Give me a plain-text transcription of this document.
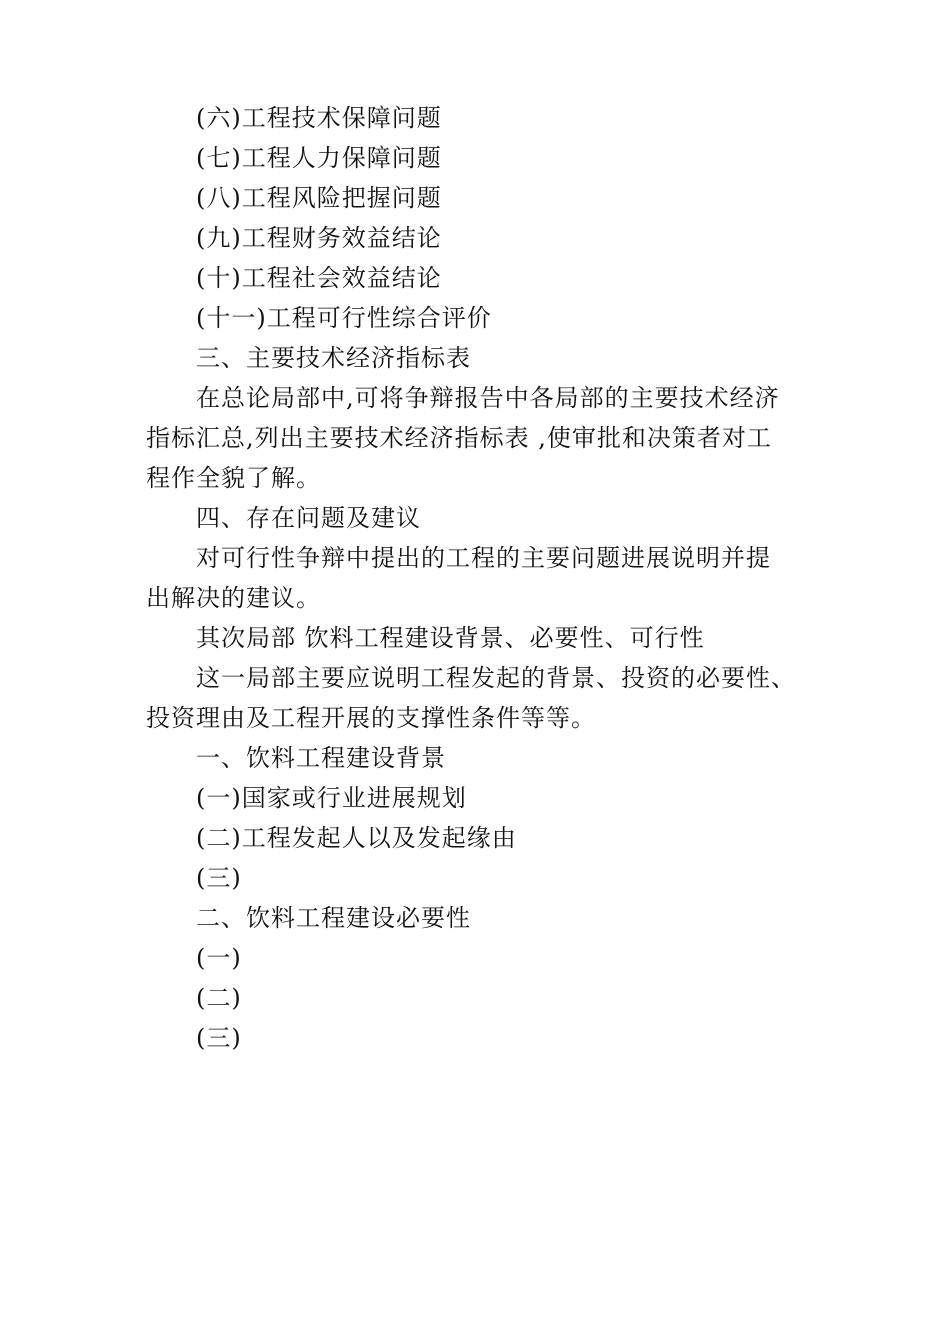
(六)工程技术保障问题
(七)工程人力保障问题
(八)工程风险把握问题
(九)工程财务效益结论
(十)工程社会效益结论
(十一)工程可行性综合评价
三、主要技术经济指标表
在总论局部中,可将争辩报告中各局部的主要技术经济
指标汇总,列出主要技术经济指标表 ,使审批和决策者对工
程作全貌了解。
四、存在问题及建议
对可行性争辩中提出的工程的主要问题进展说明并提
出解决的建议。
其次局部 饮料工程建设背景、必要性、可行性
这一局部主要应说明工程发起的背景、投资的必要性、
投资理由及工程开展的支撑性条件等等。
一、饮料工程建设背景
(一)国家或行业进展规划
(二)工程发起人以及发起缘由
(三)
二、饮料工程建设必要性
(一)
(二)
(三)
